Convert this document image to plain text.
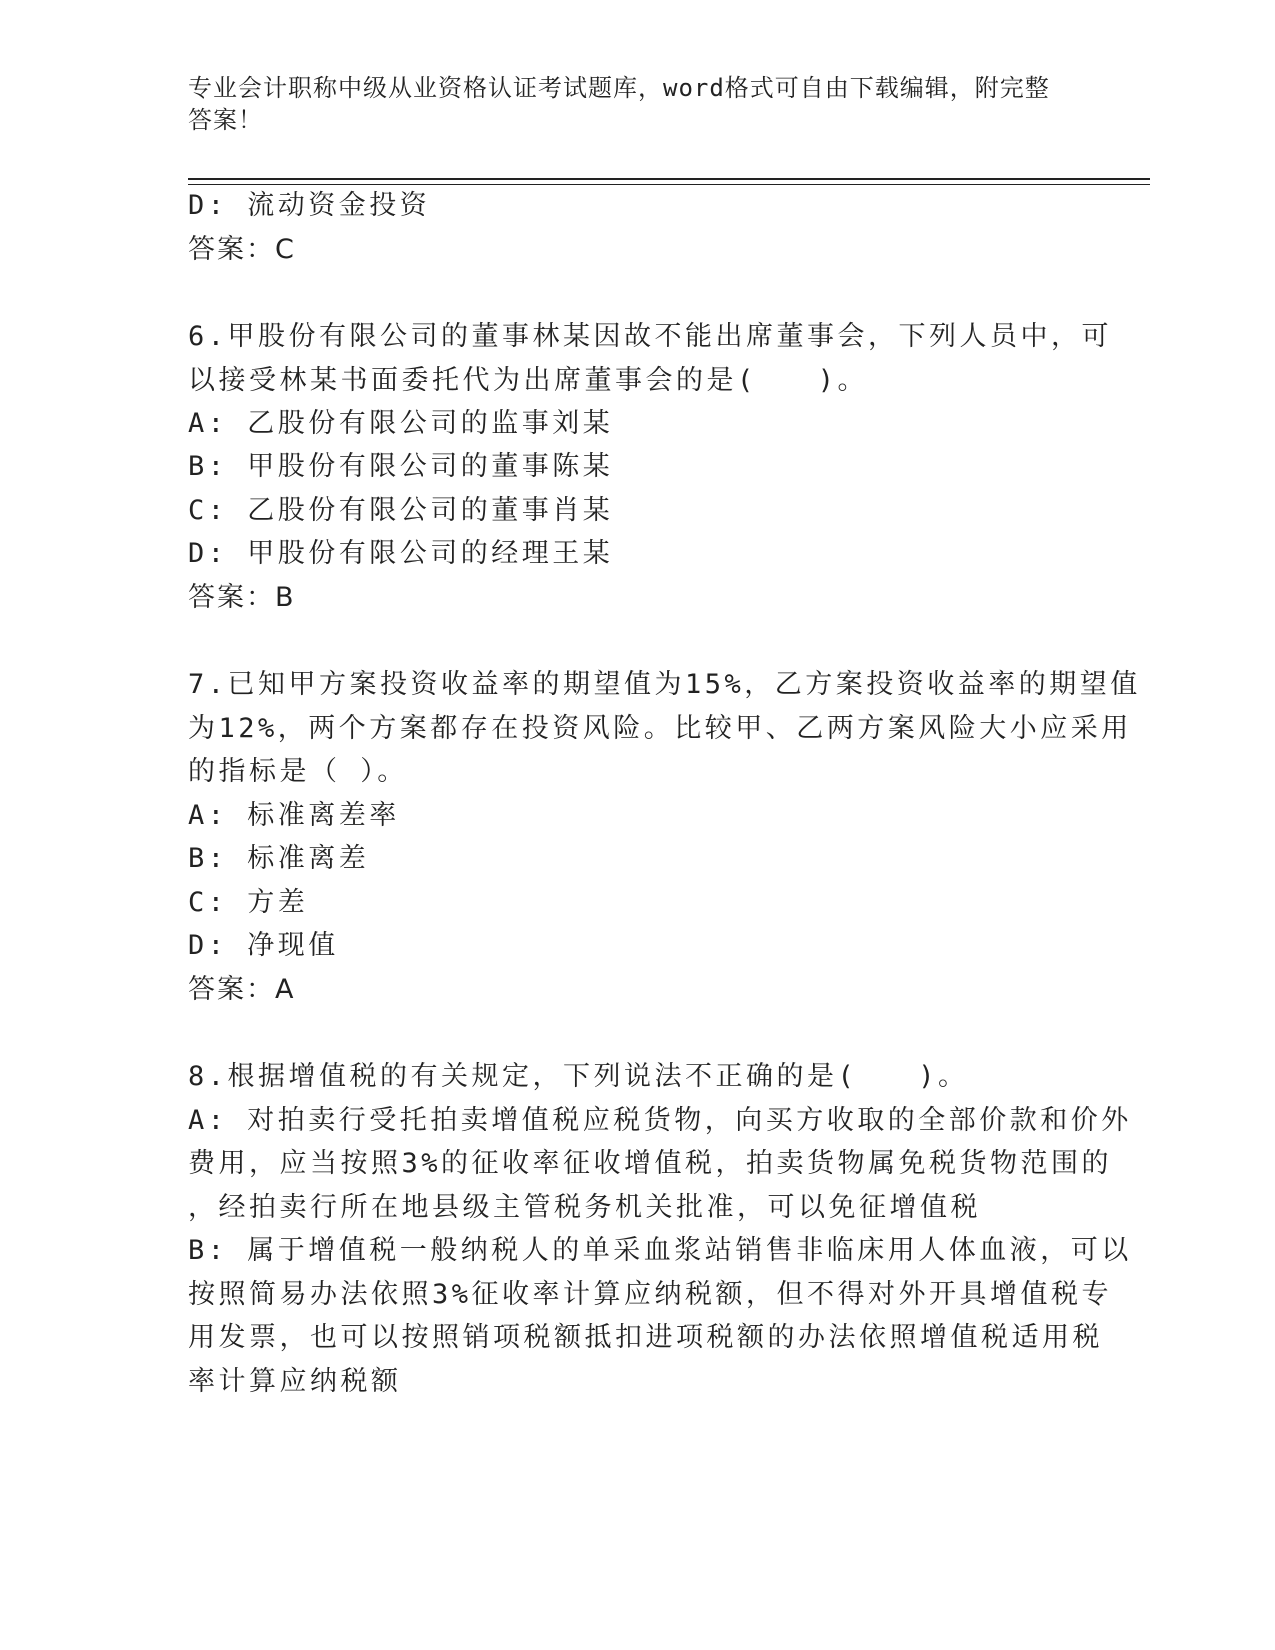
专业会计职称中级从业资格认证考试题库，word格式可自由下载编辑，附完整答案！
D: 流动资金投资
答案：C
6.甲股份有限公司的董事林某因故不能出席董事会，下列人员中，可
以接受林某书面委托代为出席董事会的是(　　)。
A: 乙股份有限公司的监事刘某
B: 甲股份有限公司的董事陈某
C: 乙股份有限公司的董事肖某
D: 甲股份有限公司的经理王某
答案：B
7.已知甲方案投资收益率的期望值为15%，乙方案投资收益率的期望值
为12%，两个方案都存在投资风险。比较甲、乙两方案风险大小应采用
的指标是（ ）。
A: 标准离差率
B: 标准离差
C: 方差
D: 净现值
答案：A
8.根据增值税的有关规定，下列说法不正确的是(　　)。
A: 对拍卖行受托拍卖增值税应税货物，向买方收取的全部价款和价外
费用，应当按照3%的征收率征收增值税，拍卖货物属免税货物范围的
，经拍卖行所在地县级主管税务机关批准，可以免征增值税
B: 属于增值税一般纳税人的单采血浆站销售非临床用人体血液，可以
按照简易办法依照3%征收率计算应纳税额，但不得对外开具增值税专
用发票，也可以按照销项税额抵扣进项税额的办法依照增值税适用税
率计算应纳税额
